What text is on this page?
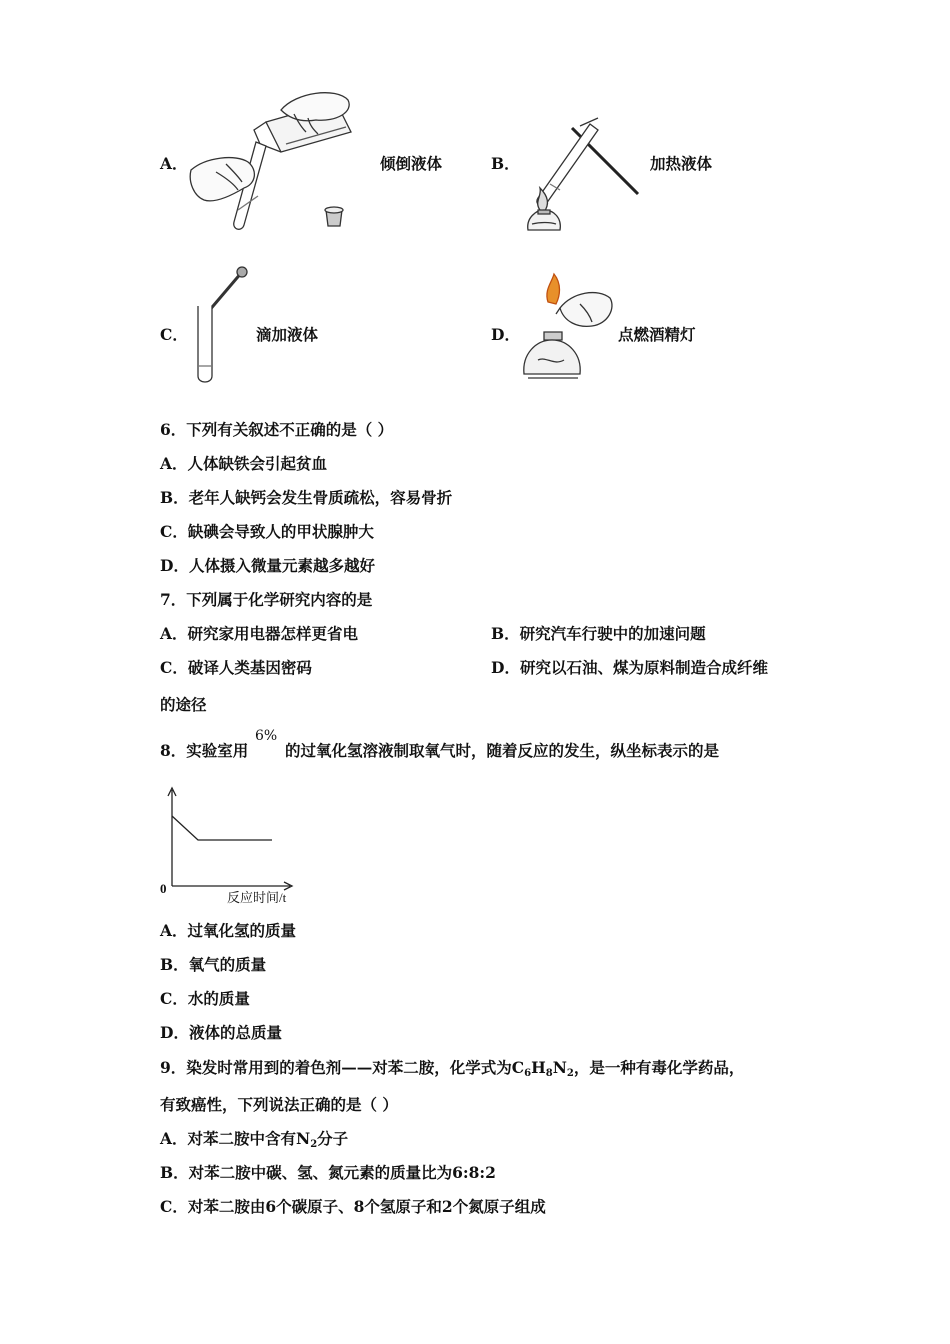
A．	倾倒液体	B．	加热液体
C．	滴加液体	D．	点燃酒精灯
6．下列有关叙述不正确的是（ ）
A．人体缺铁会引起贫血
B．老年人缺钙会发生骨质疏松，容易骨折
C．缺碘会导致人的甲状腺肿大
D．人体摄入微量元素越多越好
7．下列属于化学研究内容的是
A．研究家用电器怎样更省电	B．研究汽车行驶中的加速问题
C．破译人类基因密码	D．研究以石油、煤为原料制造合成纤维
的途径
8．实验室用
6%
的过氧化氢溶液制取氧气时，随着反应的发生，纵坐标表示的是
0
反应时间/t
A．过氧化氢的质量
B．氧气的质量
C．水的质量
D．液体的总质量
9．染发时常用到的着色剂——对苯二胺，化学式为$C_6H_8N_2$，是一种有毒化学药品，
有致癌性，下列说法正确的是（ ）
A．对苯二胺中含有$N_2$分子
B．对苯二胺中碳、氢、氮元素的质量比为6:8:2
C．对苯二胺由6个碳原子、8个氢原子和2个氮原子组成
